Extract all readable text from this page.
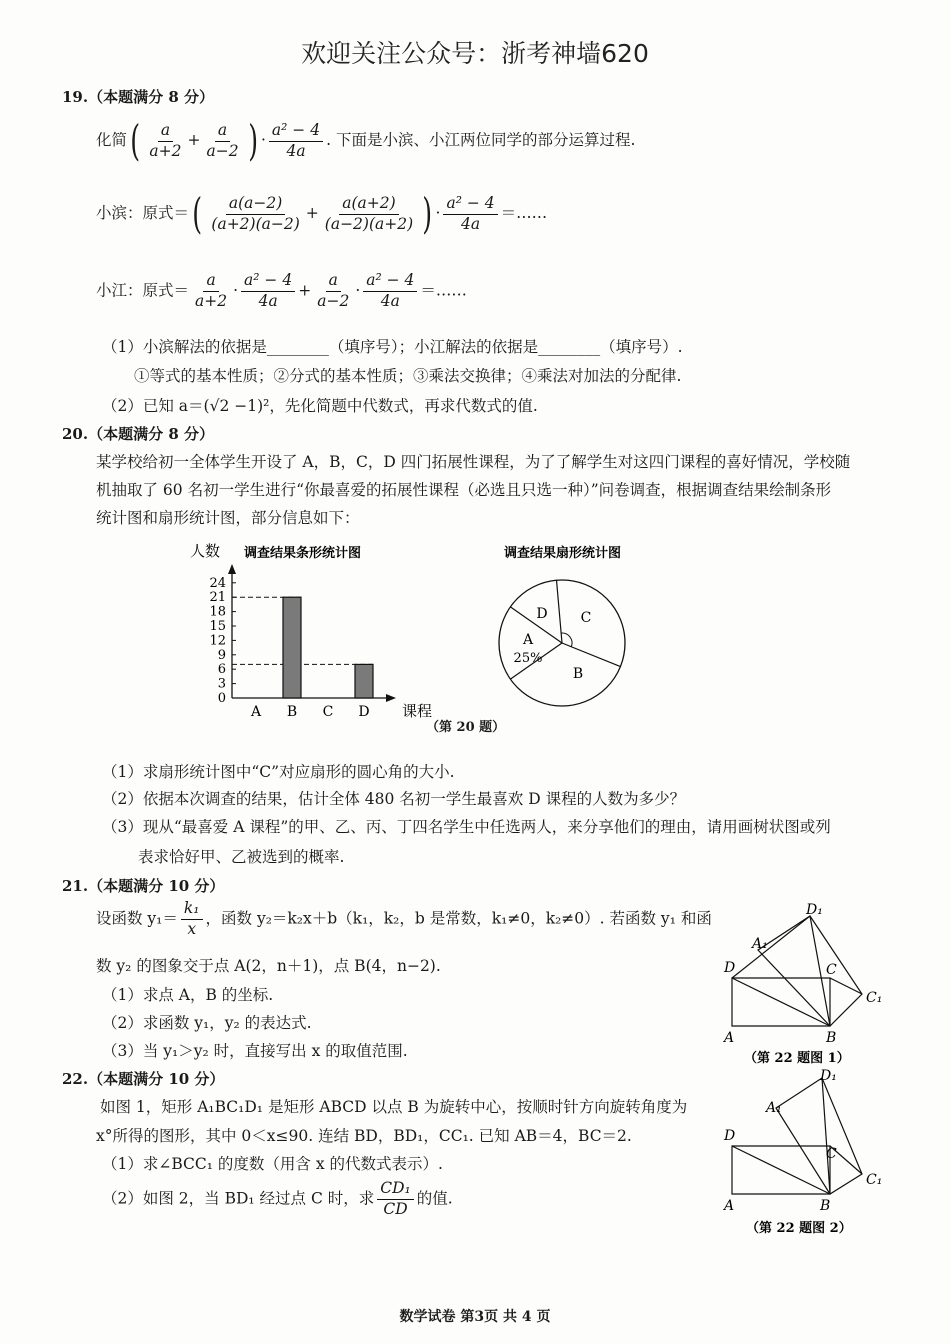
欢迎关注公众号：浙考神墙620
19.（本题满分 8 分）
化简( $\frac{a}{a+2} + \frac{a}{a-2}$ ) · $\frac{\text{a² − 4}}{4a}$ . 下面是小滨、小江两位同学的部分运算过程.
小滨：原式＝( $\frac{a(a-2)}{(a+2)(a-2)} + \frac{a(a+2)}{(a-2)(a+2)}$ ) · $\frac{\text{a² − 4}}{4a}$ ＝……
小江：原式＝ $\frac{a}{a+2} \cdot \frac{\text{a² − 4}}{4a} + \frac{a}{a-2} \cdot \frac{\text{a² − 4}}{4a}$ ＝……
（1）小滨解法的依据是________（填序号）；小江解法的依据是________（填序号）.
①等式的基本性质；②分式的基本性质；③乘法交换律；④乘法对加法的分配律.
（2）已知 a＝(√2 −1)²，先化简题中代数式，再求代数式的值.
20.（本题满分 8 分）
某学校给初一全体学生开设了 A，B，C，D 四门拓展性课程，为了了解学生对这四门课程的喜好情况，学校随
机抽取了 60 名初一学生进行“你最喜爱的拓展性课程（必选且只选一种）”问卷调查，根据调查结果绘制条形
统计图和扇形统计图，部分信息如下：
人数 调查结果条形统计图
0
3
6
9
12
15
18
21
24
A B C D 课程
（第 20 题）
调查结果扇形统计图
A
B
C
D
25%
（1）求扇形统计图中“C”对应扇形的圆心角的大小.
（2）依据本次调查的结果，估计全体 480 名初一学生最喜欢 D 课程的人数为多少？
（3）现从“最喜爱 A 课程”的甲、乙、丙、丁四名学生中任选两人，来分享他们的理由，请用画树状图或列
表求恰好甲、乙被选到的概率.
21.（本题满分 10 分）
设函数 $y_1= \frac{\text{k₁}}{x}$ ，函数 y₂＝k₂x＋b（k₁，k₂，b 是常数，k₁≠0，k₂≠0）. 若函数 y₁ 和函
数 y₂ 的图象交于点 A(2，n＋1)，点 B(4，n−2).
（1）求点 A，B 的坐标.
（2）求函数 y₁，y₂ 的表达式.
（3）当 y₁＞y₂ 时，直接写出 x 的取值范围.
22.（本题满分 10 分）
如图 1，矩形 A₁BC₁D₁ 是矩形 ABCD 以点 B 为旋转中心，按顺时针方向旋转角度为
x°所得的图形，其中 0＜x≤90. 连结 BD，BD₁，CC₁. 已知 AB＝4，BC＝2.
（1）求∠BCC₁ 的度数（用含 x 的代数式表示）.
（2）如图 2，当 BD₁ 经过点 C 时，求 $\frac{\text{CD₁}}{CD}$ 的值.
D	C
A	B
A₁
D₁
C₁
（第 22 题图 1）
D
C
A	B
A₁
D₁
C₁
（第 22 题图 2）
数学试卷 第3页 共 4 页
